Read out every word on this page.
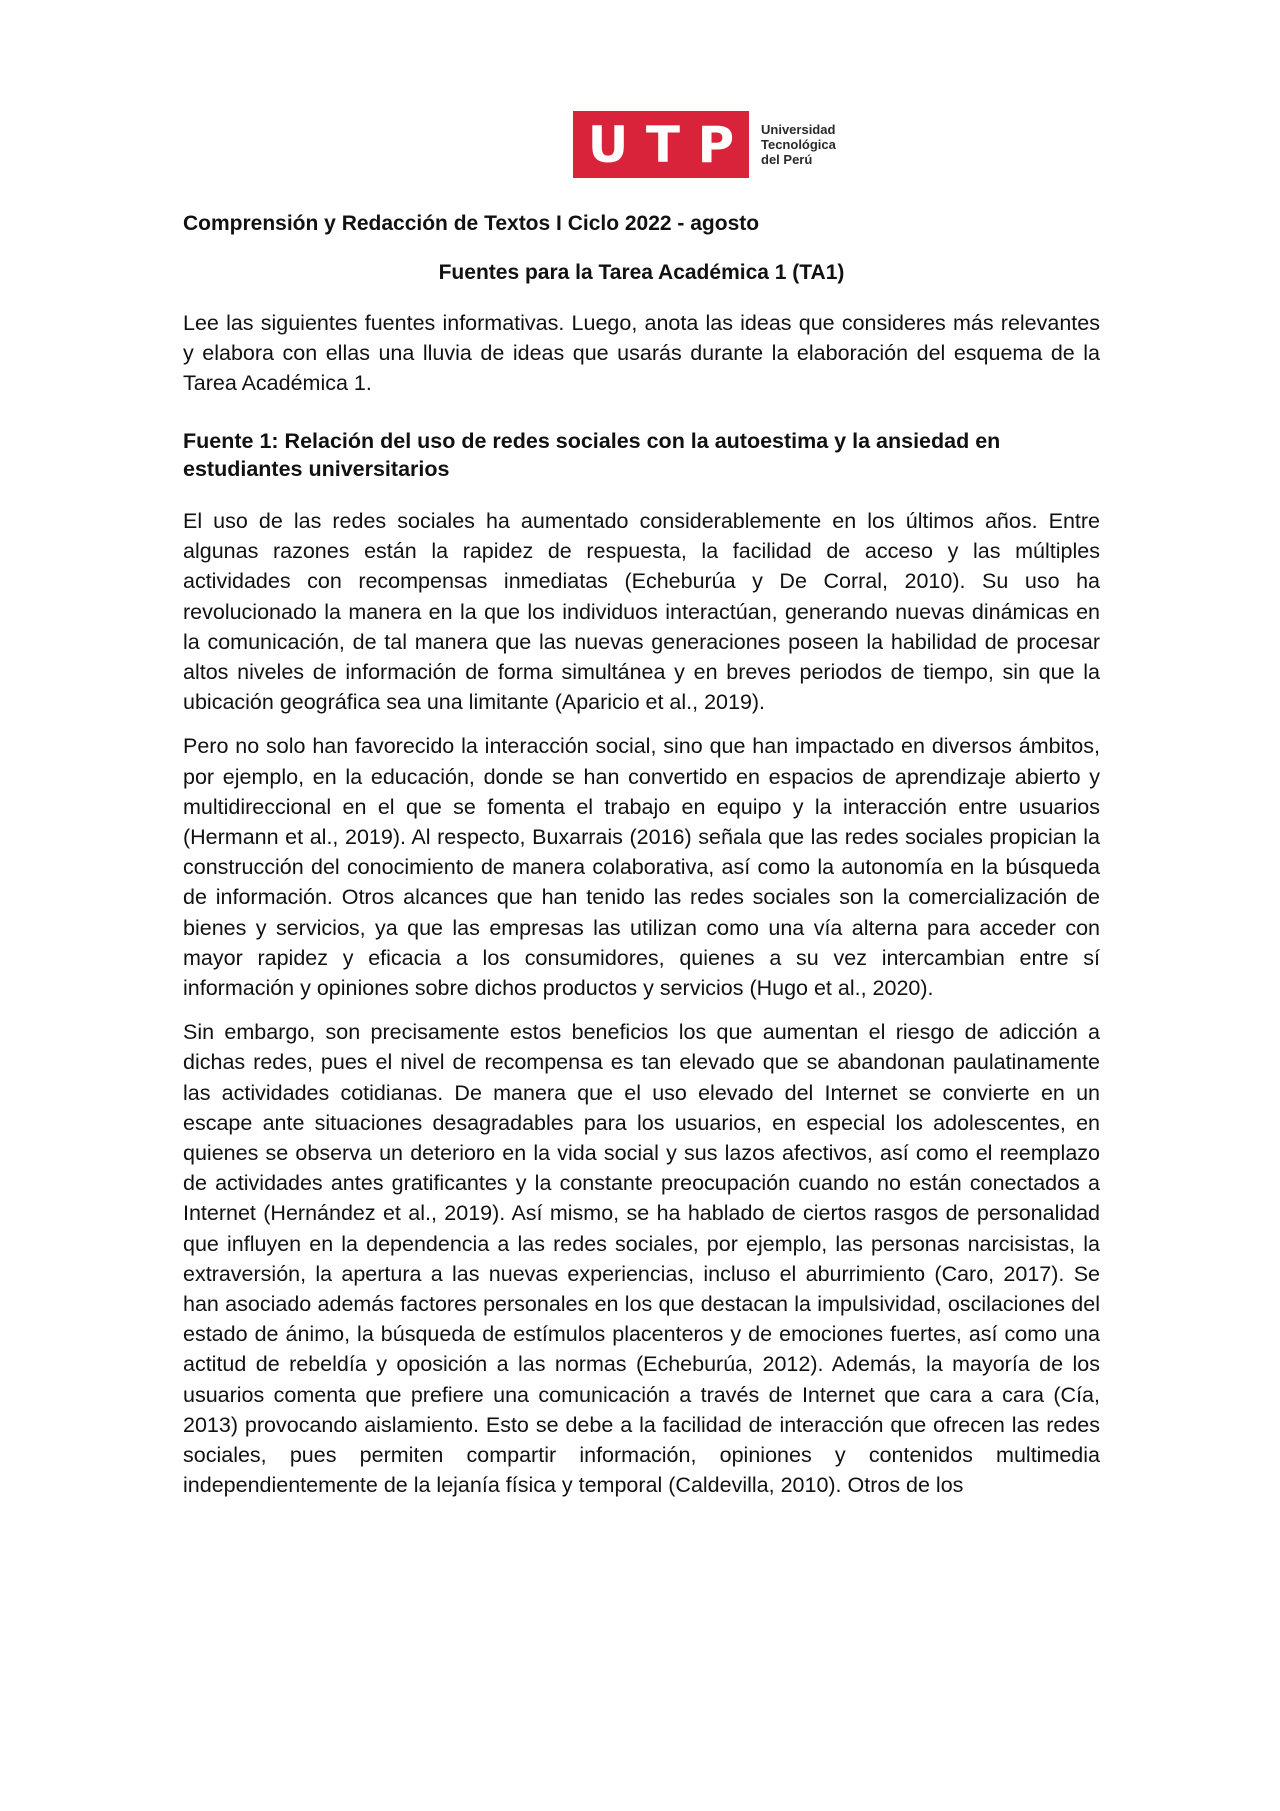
U T P Universidad
Tecnológica
del Perú

Comprensión y Redacción de Textos I Ciclo 2022 - agosto

Fuentes para la Tarea Académica 1 (TA1)

Lee las siguientes fuentes informativas. Luego, anota las ideas que consideres más relevantes y elabora con ellas una lluvia de ideas que usarás durante la elaboración del esquema de la Tarea Académica 1.

Fuente 1: Relación del uso de redes sociales con la autoestima y la ansiedad en estudiantes universitarios

El uso de las redes sociales ha aumentado considerablemente en los últimos años. Entre algunas razones están la rapidez de respuesta, la facilidad de acceso y las múltiples actividades con recompensas inmediatas (Echeburúa y De Corral, 2010). Su uso ha revolucionado la manera en la que los individuos interactúan, generando nuevas dinámicas en la comunicación, de tal manera que las nuevas generaciones poseen la habilidad de procesar altos niveles de información de forma simultánea y en breves periodos de tiempo, sin que la ubicación geográfica sea una limitante (Aparicio et al., 2019).

Pero no solo han favorecido la interacción social, sino que han impactado en diversos ámbitos, por ejemplo, en la educación, donde se han convertido en espacios de aprendizaje abierto y multidireccional en el que se fomenta el trabajo en equipo y la interacción entre usuarios (Hermann et al., 2019). Al respecto, Buxarrais (2016) señala que las redes sociales propician la construcción del conocimiento de manera colaborativa, así como la autonomía en la búsqueda de información. Otros alcances que han tenido las redes sociales son la comercialización de bienes y servicios, ya que las empresas las utilizan como una vía alterna para acceder con mayor rapidez y eficacia a los consumidores, quienes a su vez intercambian entre sí información y opiniones sobre dichos productos y servicios (Hugo et al., 2020).

Sin embargo, son precisamente estos beneficios los que aumentan el riesgo de adicción a dichas redes, pues el nivel de recompensa es tan elevado que se abandonan paulatinamente las actividades cotidianas. De manera que el uso elevado del Internet se convierte en un escape ante situaciones desagradables para los usuarios, en especial los adolescentes, en quienes se observa un deterioro en la vida social y sus lazos afectivos, así como el reemplazo de actividades antes gratificantes y la constante preocupación cuando no están conectados a Internet (Hernández et al., 2019). Así mismo, se ha hablado de ciertos rasgos de personalidad que influyen en la dependencia a las redes sociales, por ejemplo, las personas narcisistas, la extraversión, la apertura a las nuevas experiencias, incluso el aburrimiento (Caro, 2017). Se han asociado además factores personales en los que destacan la impulsividad, oscilaciones del estado de ánimo, la búsqueda de estímulos placenteros y de emociones fuertes, así como una actitud de rebeldía y oposición a las normas (Echeburúa, 2012). Además, la mayoría de los usuarios comenta que prefiere una comunicación a través de Internet que cara a cara (Cía, 2013) provocando aislamiento. Esto se debe a la facilidad de interacción que ofrecen las redes sociales, pues permiten compartir información, opiniones y contenidos multimedia independientemente de la lejanía física y temporal (Caldevilla, 2010). Otros de los
